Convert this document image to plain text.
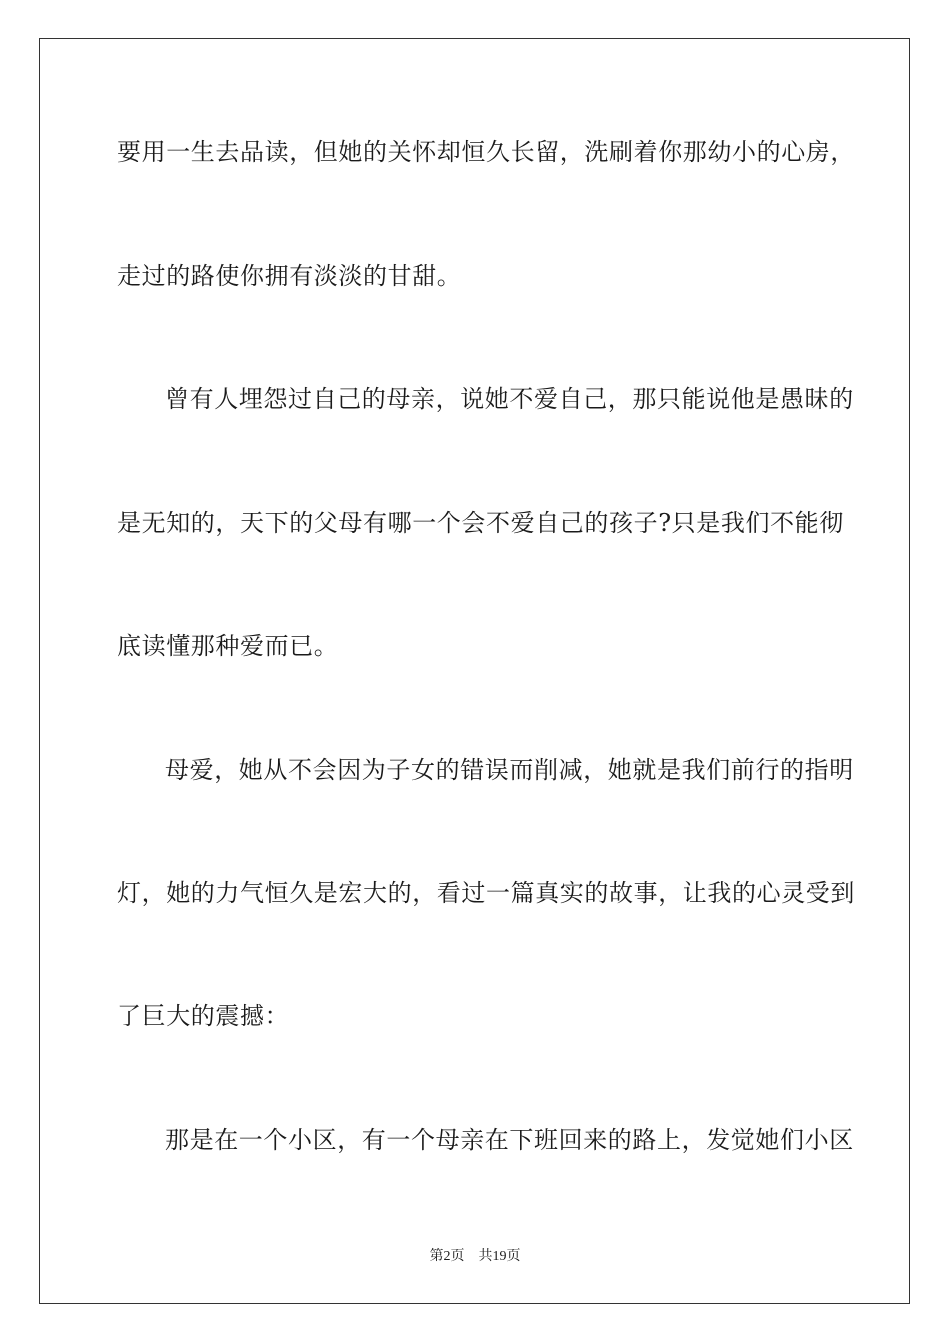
要用一生去品读，但她的关怀却恒久长留，洗刷着你那幼小的心房，
走过的路使你拥有淡淡的甘甜。
曾有人埋怨过自己的母亲，说她不爱自己，那只能说他是愚昧的
是无知的，天下的父母有哪一个会不爱自己的孩子?只是我们不能彻
底读懂那种爱而已。
母爱，她从不会因为子女的错误而削减，她就是我们前行的指明
灯，她的力气恒久是宏大的，看过一篇真实的故事，让我的心灵受到
了巨大的震撼：
那是在一个小区，有一个母亲在下班回来的路上，发觉她们小区
第2页 共19页
